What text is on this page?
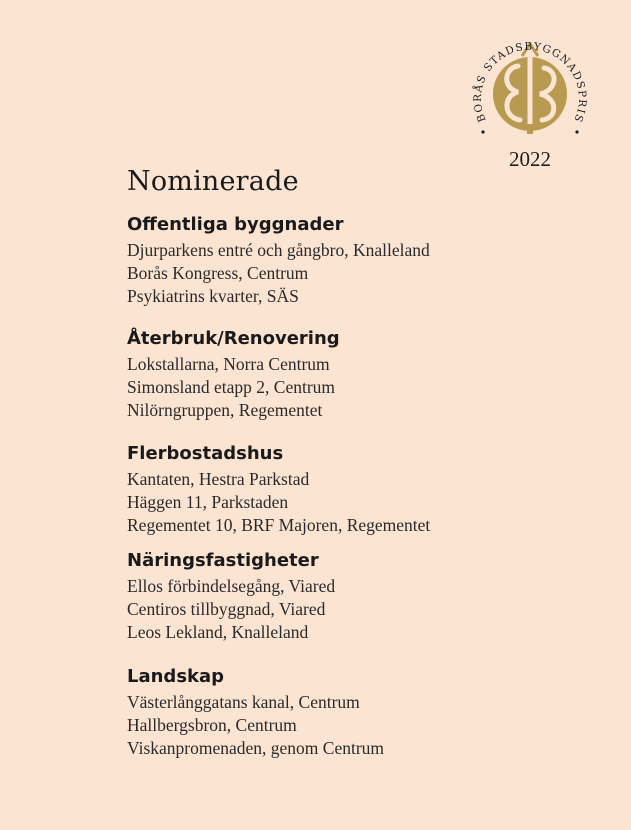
BORÅS STADSBYGGNADSPRIS
2022
Nominerade
Offentliga byggnader
Djurparkens entré och gångbro, Knalleland
Borås Kongress, Centrum
Psykiatrins kvarter, SÄS
Återbruk/Renovering
Lokstallarna, Norra Centrum
Simonsland etapp 2, Centrum
Nilörngruppen, Regementet
Flerbostadshus
Kantaten, Hestra Parkstad
Häggen 11, Parkstaden
Regementet 10, BRF Majoren, Regementet
Näringsfastigheter
Ellos förbindelsegång, Viared
Centiros tillbyggnad, Viared
Leos Lekland, Knalleland
Landskap
Västerlånggatans kanal, Centrum
Hallbergsbron, Centrum
Viskanpromenaden, genom Centrum
